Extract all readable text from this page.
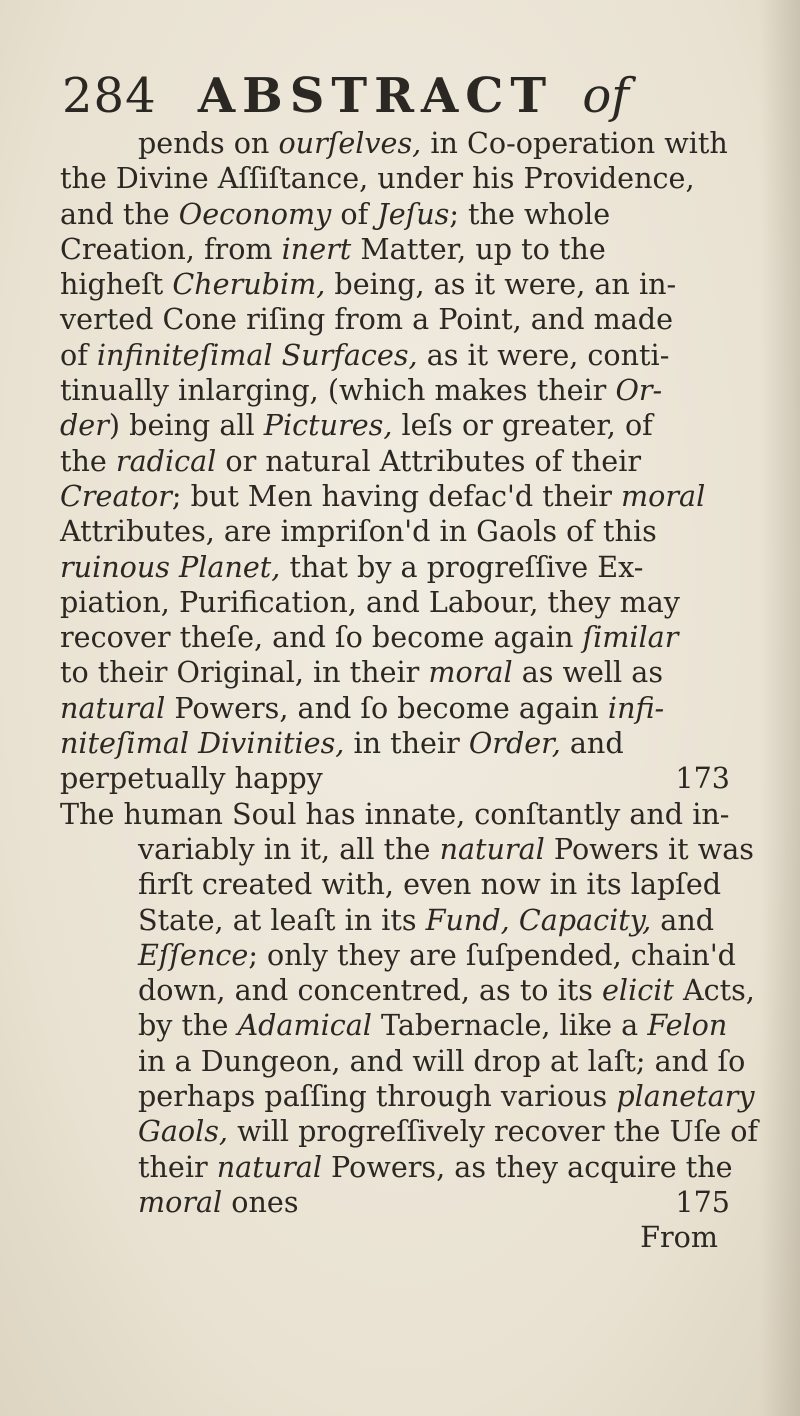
284 ABSTRACT of
pends on ourſelves, in Co-operation with
the Divine Aſſiſtance, under his Providence,
and the Oeconomy of Jeſus; the whole
Creation, from inert Matter, up to the
higheſt Cherubim, being, as it were, an in-
verted Cone riſing from a Point, and made
of infiniteſimal Surfaces, as it were, conti-
tinually inlarging, (which makes their Or-
der) being all Pictures, leſs or greater, of
the radical or natural Attributes of their
Creator; but Men having defac'd their moral
Attributes, are impriſon'd in Gaols of this
ruinous Planet, that by a progreſſive Ex-
piation, Purification, and Labour, they may
recover theſe, and ſo become again ſimilar
to their Original, in their moral as well as
natural Powers, and ſo become again infi-
niteſimal Divinities, in their Order, and
perpetually happy	173
The human Soul has innate, conſtantly and in-
variably in it, all the natural Powers it was
firſt created with, even now in its lapſed
State, at leaſt in its Fund, Capacity, and
Eſſence; only they are ſuſpended, chain'd
down, and concentred, as to its elicit Acts,
by the Adamical Tabernacle, like a Felon
in a Dungeon, and will drop at laſt; and ſo
perhaps paſſing through various planetary
Gaols, will progreſſively recover the Uſe of
their natural Powers, as they acquire the
moral ones	175
From
